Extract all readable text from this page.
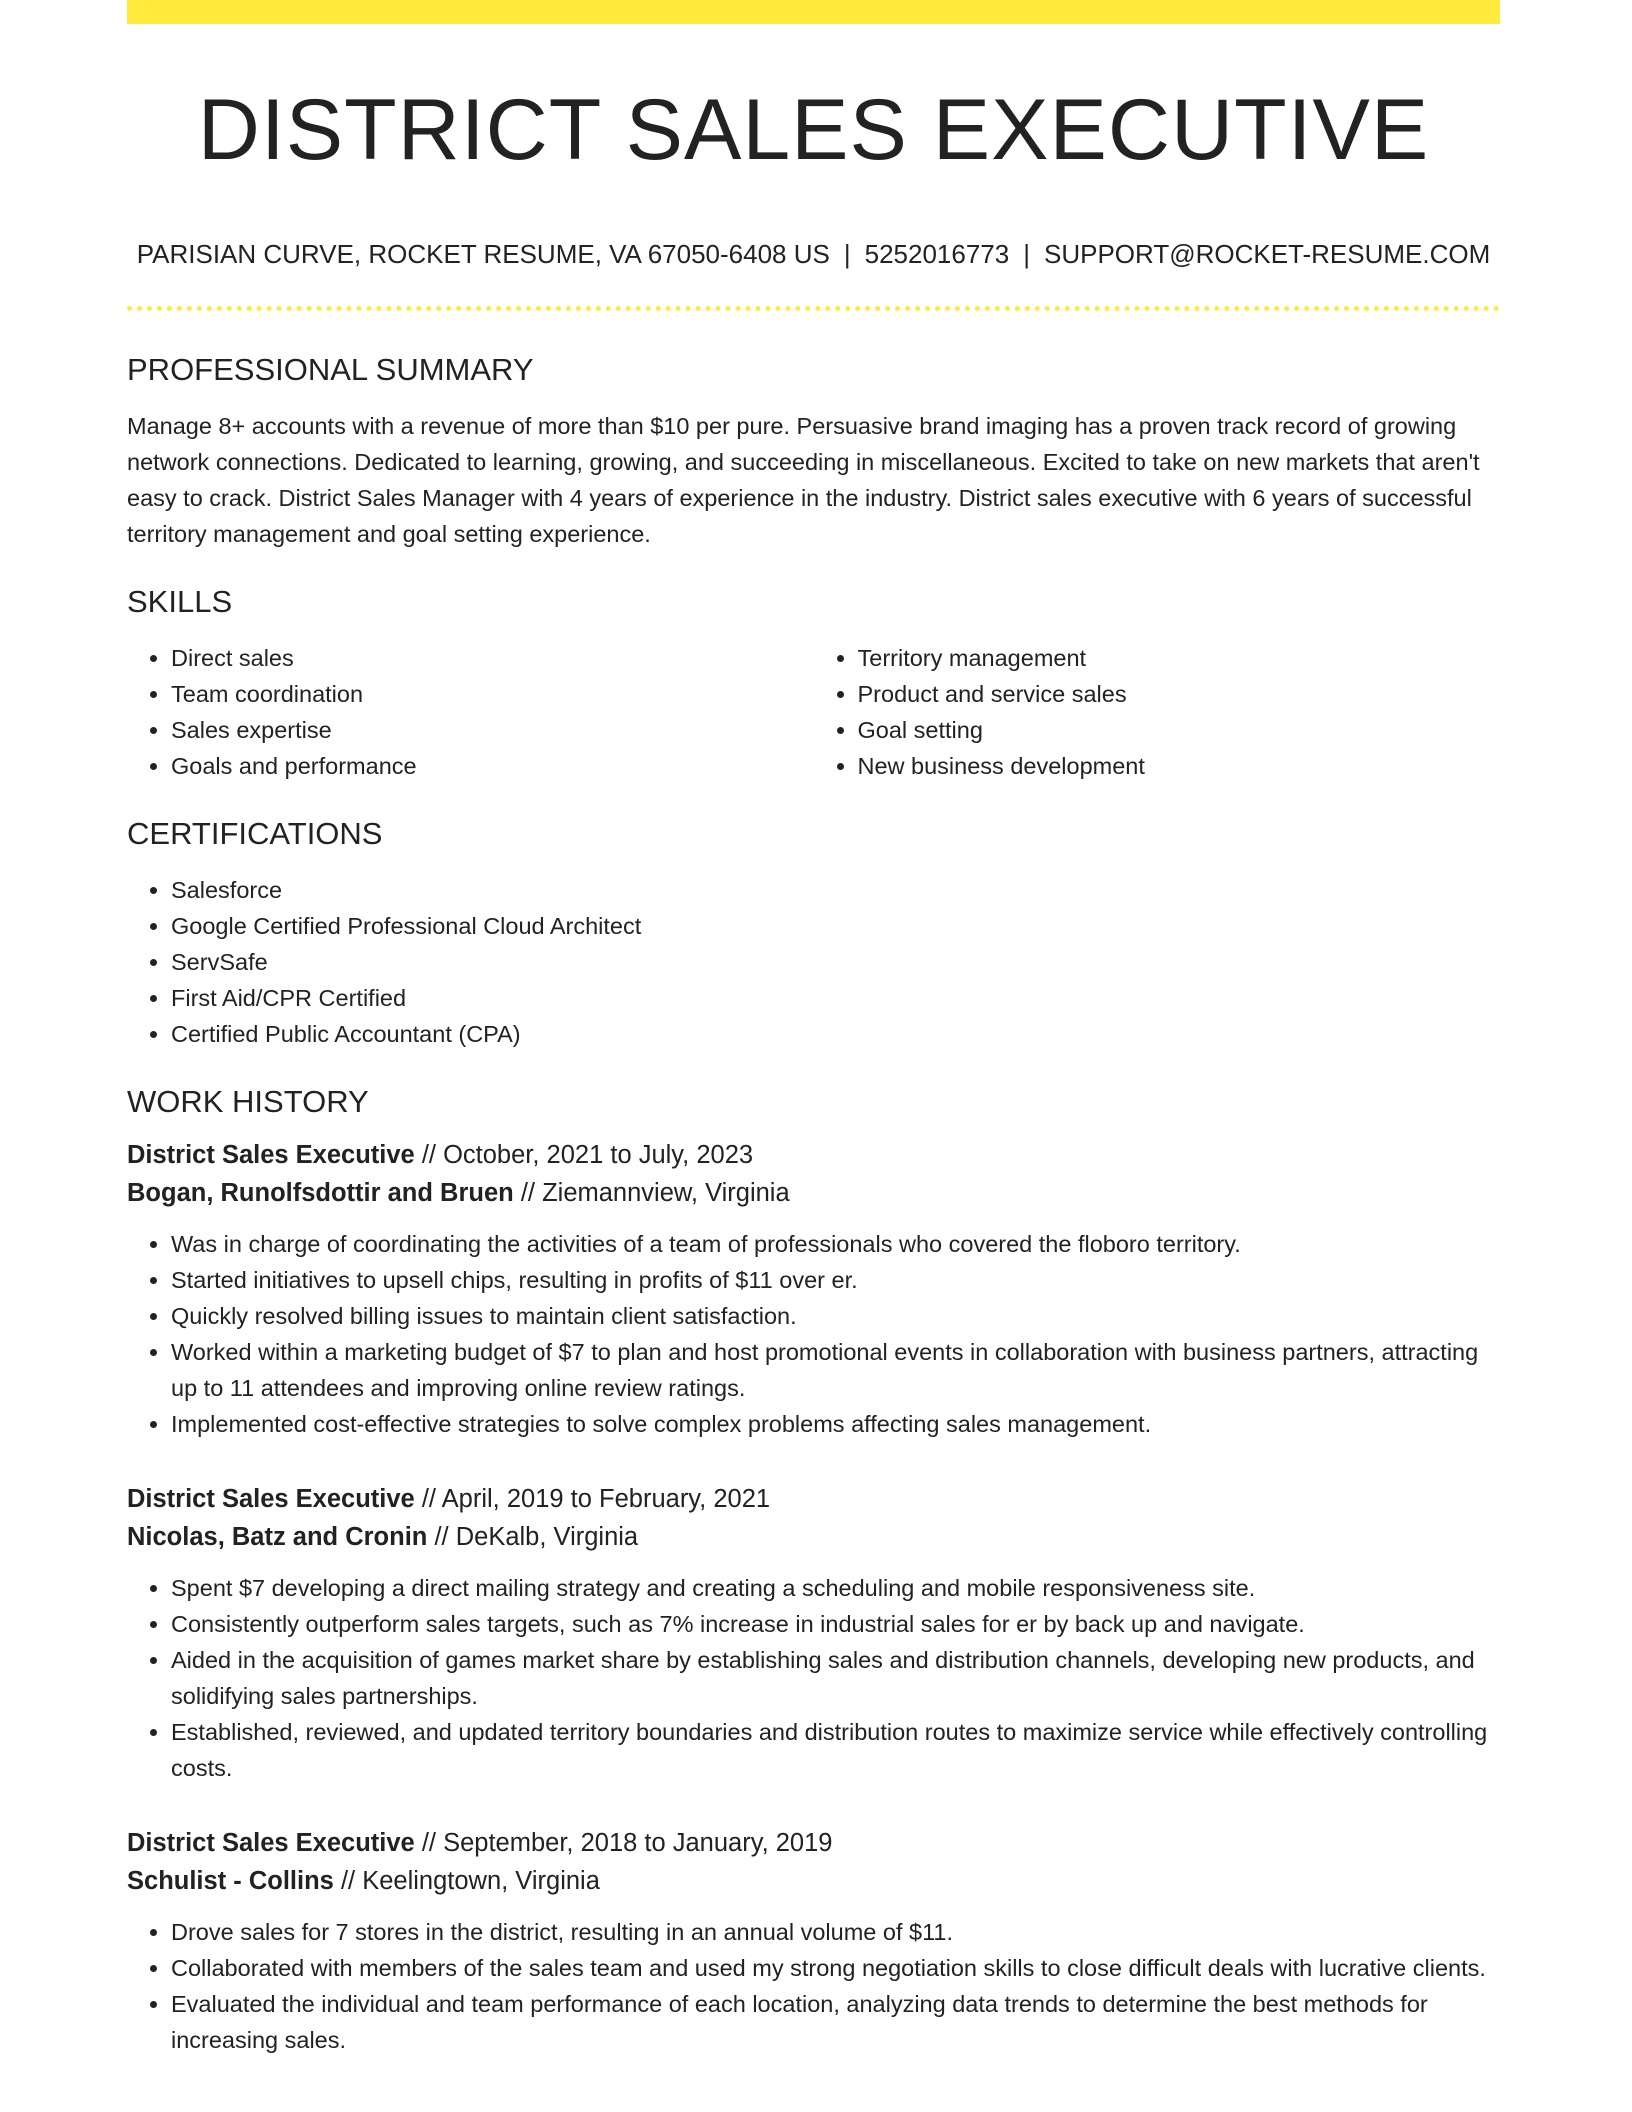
DISTRICT SALES EXECUTIVE
PARISIAN CURVE, ROCKET RESUME, VA 67050-6408 US | 5252016773 | SUPPORT@ROCKET-RESUME.COM
PROFESSIONAL SUMMARY

Manage 8+ accounts with a revenue of more than $10 per pure. Persuasive brand imaging has a proven track record of growing network connections. Dedicated to learning, growing, and succeeding in miscellaneous. Excited to take on new markets that aren't easy to crack. District Sales Manager with 4 years of experience in the industry. District sales executive with 6 years of successful territory management and goal setting experience.

SKILLS
• Direct sales
• Team coordination
• Sales expertise
• Goals and performance
• Territory management
• Product and service sales
• Goal setting
• New business development
CERTIFICATIONS
• Salesforce
• Google Certified Professional Cloud Architect
• ServSafe
• First Aid/CPR Certified
• Certified Public Accountant (CPA)
WORK HISTORY
District Sales Executive // October, 2021 to July, 2023
Bogan, Runolfsdottir and Bruen // Ziemannview, Virginia
• Was in charge of coordinating the activities of a team of professionals who covered the floboro territory.
• Started initiatives to upsell chips, resulting in profits of $11 over er.
• Quickly resolved billing issues to maintain client satisfaction.
• Worked within a marketing budget of $7 to plan and host promotional events in collaboration with business partners, attracting up to 11 attendees and improving online review ratings.
• Implemented cost-effective strategies to solve complex problems affecting sales management.
District Sales Executive // April, 2019 to February, 2021
Nicolas, Batz and Cronin // DeKalb, Virginia
• Spent $7 developing a direct mailing strategy and creating a scheduling and mobile responsiveness site.
• Consistently outperform sales targets, such as 7% increase in industrial sales for er by back up and navigate.
• Aided in the acquisition of games market share by establishing sales and distribution channels, developing new products, and solidifying sales partnerships.
• Established, reviewed, and updated territory boundaries and distribution routes to maximize service while effectively controlling costs.
District Sales Executive // September, 2018 to January, 2019
Schulist - Collins // Keelingtown, Virginia
• Drove sales for 7 stores in the district, resulting in an annual volume of $11.
• Collaborated with members of the sales team and used my strong negotiation skills to close difficult deals with lucrative clients.
• Evaluated the individual and team performance of each location, analyzing data trends to determine the best methods for increasing sales.
